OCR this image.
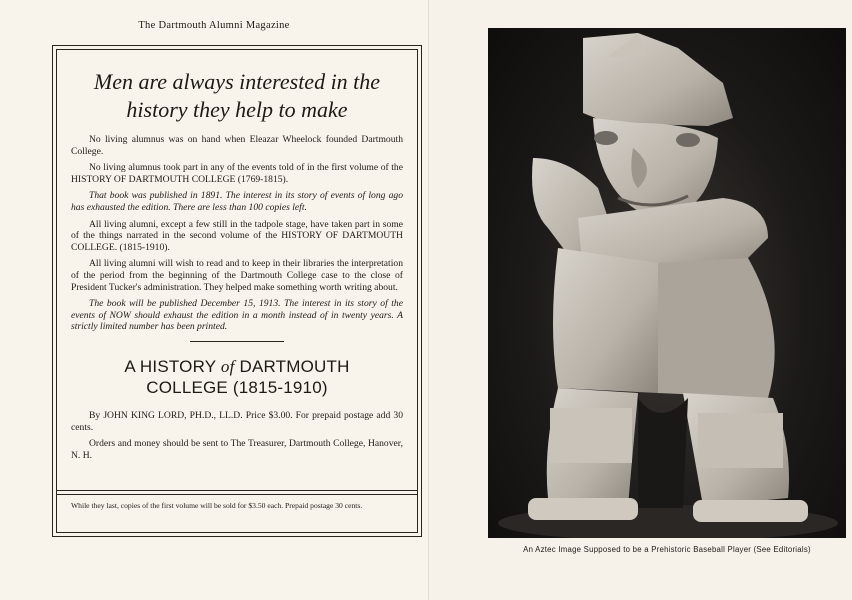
The Dartmouth Alumni Magazine
Men are always interested in the
history they help to make

No living alumnus was on hand when Eleazar Wheelock founded Dartmouth College.

No living alumnus took part in any of the events told of in the first volume of the HISTORY OF DARTMOUTH COLLEGE (1769-1815).

That book was published in 1891. The interest in its story of events of long ago has exhausted the edition. There are less than 100 copies left.

All living alumni, except a few still in the tadpole stage, have taken part in some of the things narrated in the second volume of the HISTORY OF DARTMOUTH COLLEGE. (1815-1910).

All living alumni will wish to read and to keep in their libraries the interpretation of the period from the beginning of the Dartmouth College case to the close of President Tucker's administration. They helped make something worth writing about.

The book will be published December 15, 1913. The interest in its story of the events of NOW should exhaust the edition in a month instead of in twenty years. A strictly limited number has been printed.

A HISTORY of DARTMOUTH
COLLEGE (1815-1910)

By JOHN KING LORD, PH.D., LL.D. Price $3.00. For prepaid postage add 30 cents.

Orders and money should be sent to The Treasurer, Dartmouth College, Hanover, N. H.

While they last, copies of the first volume will be sold for $3.50 each. Prepaid postage 30 cents.
An Aztec Image Supposed to be a Prehistoric Baseball Player (See Editorials)
